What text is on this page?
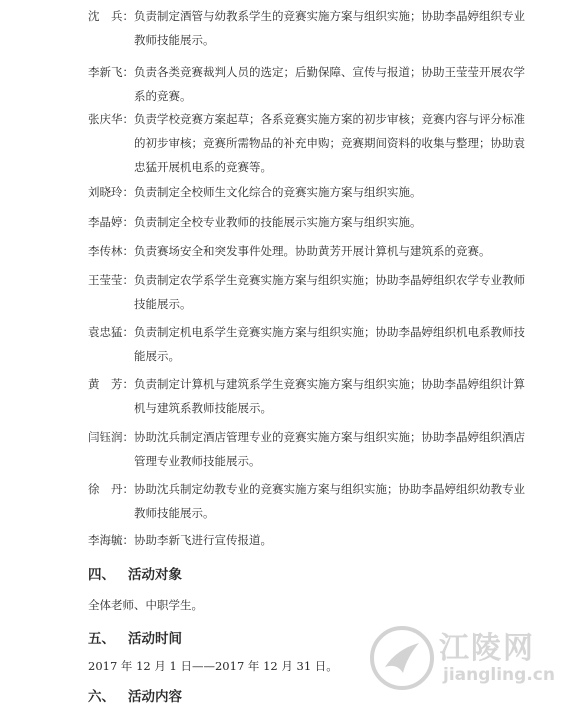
沈　兵： 负责制定酒管与幼教系学生的竞赛实施方案与组织实施；协助李晶婷组织专业教师技能展示。
李新飞： 负责各类竞赛裁判人员的选定；后勤保障、宣传与报道；协助王莹莹开展农学系的竞赛。
张庆华： 负责学校竞赛方案起草；各系竞赛实施方案的初步审核；竞赛内容与评分标准的初步审核；竞赛所需物品的补充申购；竞赛期间资料的收集与整理；协助袁忠猛开展机电系的竞赛等。
刘晓玲： 负责制定全校师生文化综合的竞赛实施方案与组织实施。
李晶婷： 负责制定全校专业教师的技能展示实施方案与组织实施。
李传林： 负责赛场安全和突发事件处理。协助黄芳开展计算机与建筑系的竞赛。
王莹莹： 负责制定农学系学生竞赛实施方案与组织实施；协助李晶婷组织农学专业教师技能展示。
袁忠猛： 负责制定机电系学生竞赛实施方案与组织实施；协助李晶婷组织机电系教师技能展示。
黄　芳： 负责制定计算机与建筑系学生竞赛实施方案与组织实施；协助李晶婷组织计算机与建筑系教师技能展示。
闫钰润： 协助沈兵制定酒店管理专业的竞赛实施方案与组织实施；协助李晶婷组织酒店管理专业教师技能展示。
徐　丹： 协助沈兵制定幼教专业的竞赛实施方案与组织实施；协助李晶婷组织幼教专业教师技能展示。
李海毓： 协助李新飞进行宣传报道。
四、 活动对象
全体老师、中职学生。
五、 活动时间
2017 年 12 月 1 日——2017 年 12 月 31 日。
六、 活动内容
江陵网
jiangling.cn
